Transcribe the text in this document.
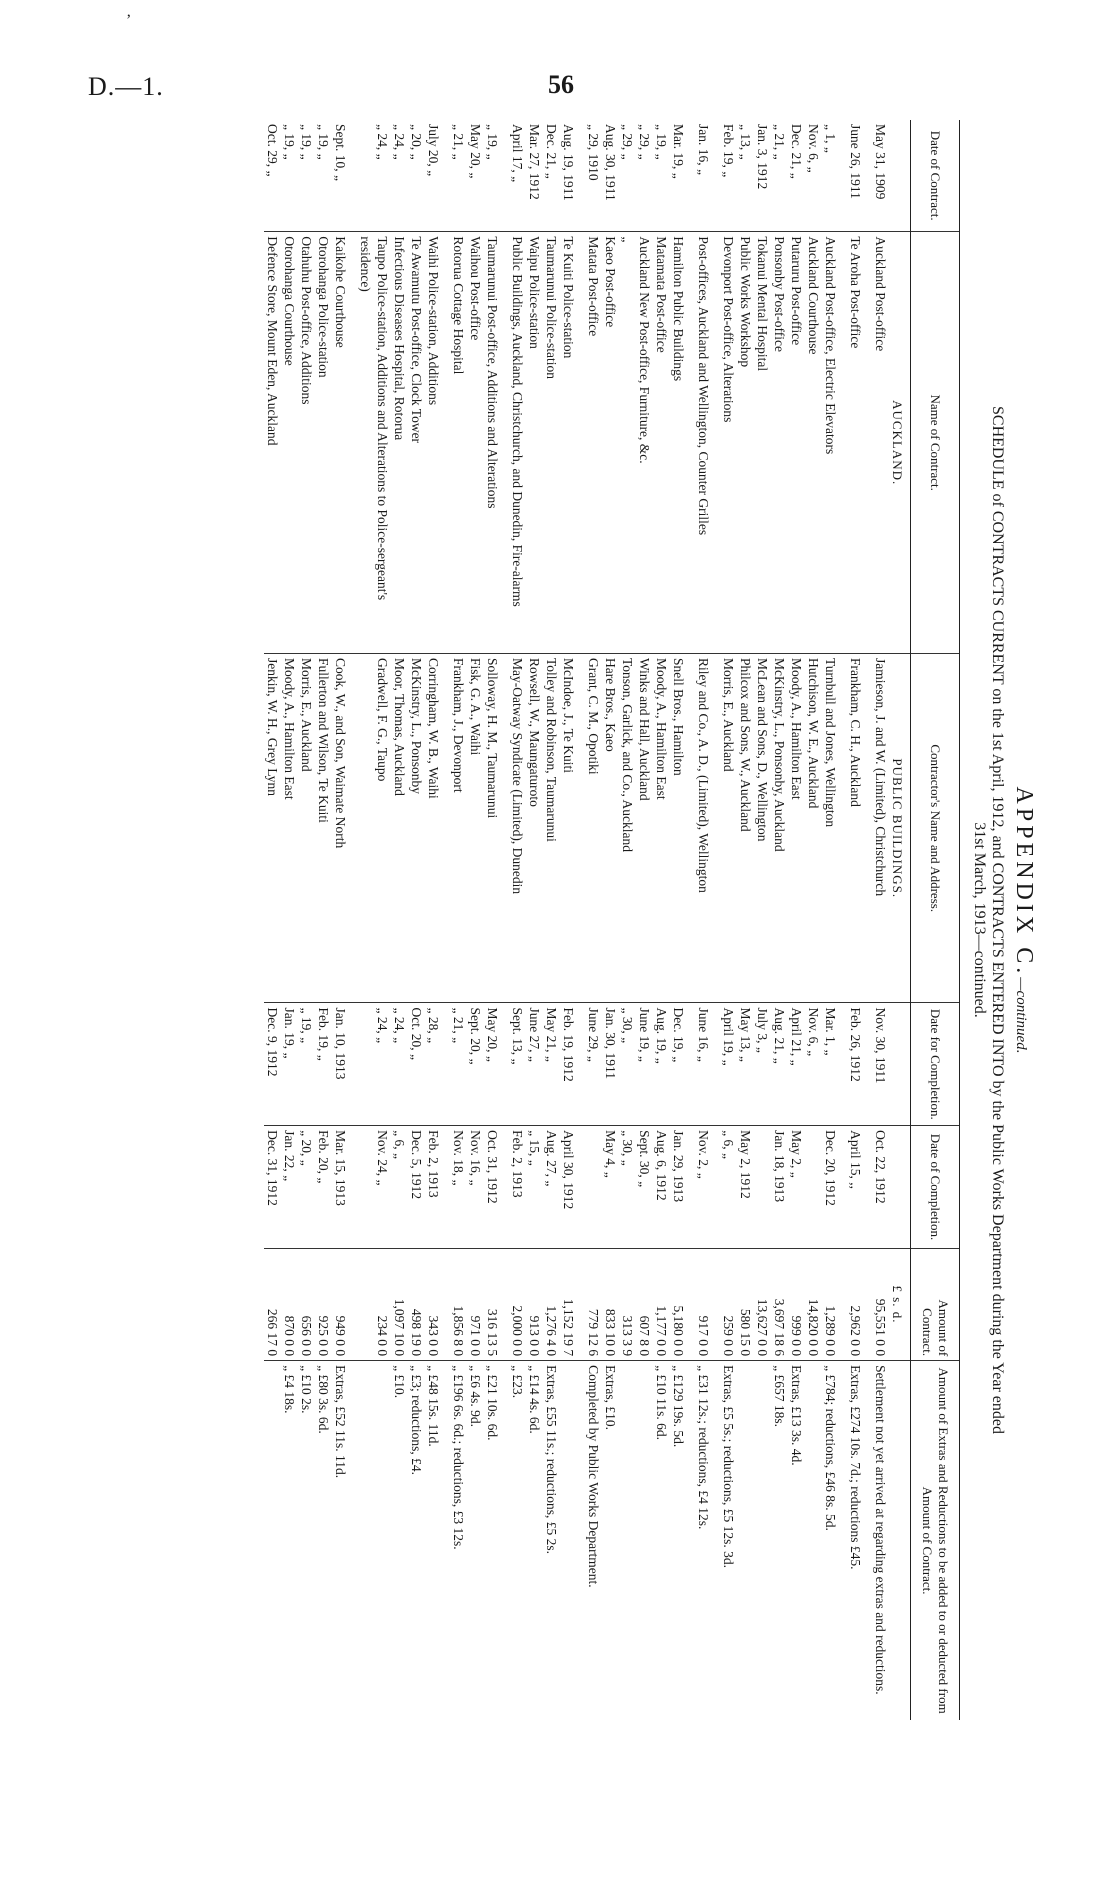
’
D.—1.	56

APPENDIX C.—continued.

SCHEDULE of CONTRACTS CURRENT on the 1st April, 1912, and CONTRACTS ENTERED INTO by the Public Works Department during the Year ended

31st March, 1913—continued.

Date of Contract.	Name of Contract.	Contractor's Name and Address.	Date for Completion.	Date of Completion.	Amount of Contract.	Amount of Extras and Reductions to be added to or deducted from Amount of Contract.
	AUCKLAND.	PUBLIC BUILDINGS.			£ s. d.	
May 31, 1909	Auckland Post-office	Jamieson, J. and W. (Limited), Christchurch	Nov. 30, 1911	Oct. 22, 1912	95,551 0 0	Settlement not yet arrived at regarding extras and reductions.

June 26, 1911	Te Aroha Post-office	Frankham, C. H., Auckland	Feb. 26, 1912	April 15, ,,	2,962 0 0	Extras, £274 10s. 7d.; reductions £45.

„ 1, „	Auckland Post-office, Electric Elevators	Turnbull and Jones, Wellington	Mar. 1, „	Dec. 20, 1912	1,289 0 0	„ £784; reductions, £46 8s. 5d.
Nov. 6, „	Auckland Courthouse	Hutchison, W. E., Auckland	Nov. 6, „		14,820 0 0	
Dec. 21, „	Putaruru Post-office	Moody, A., Hamilton East	April 21, „	May 2, „	999 0 0	Extras, £13 3s. 4d.
„ 21, „	Ponsonby Post-office	McKinstry, L., Ponsonby, Auckland	Aug. 21, „	Jan. 18, 1913	3,697 18 6	„ £657 18s.
Jan. 3, 1912	Tokanui Mental Hospital	McLean and Sons, D., Wellington	July 3, „		13,627 0 0	
„ 13, „	Public Works Workshop	Philcox and Sons, W., Auckland	May 13, „	May 2, 1912	580 15 0	
Feb. 19, „	Devonport Post-office, Alterations	Morris, E., Auckland	April 19, „	„ 6, „	259 0 0	Extras, £5 5s.; reductions, £5 12s. 3d.

Jan. 16, „	Post-offices, Auckland and Wellington, Counter Grilles	Riley and Co., A. D., (Limited), Wellington	June 16, „	Nov. 2, „	917 0 0	„ £31 12s.; reductions, £4 12s.

Mar. 19, „	Hamilton Public Buildings	Snell Bros., Hamilton	Dec. 19, „	Jan. 29, 1913	5,180 0 0	„ £129 19s. 5d.
„ 19, „	Matamata Post-office	Moody, A., Hamilton East	Aug. 19, „	Aug. 6, 1912	1,177 0 0	„ £10 11s. 6d.
„ 29, „	Auckland New Post-office, Furniture, &c.	Winks and Hall, Auckland	June 19, „	Sept. 30, „	607 8 0	
„ 29, „	„	Tonson, Garlick, and Co., Auckland	„ 30, „	„ 30, „	313 3 9	
Aug. 30, 1911	Kaeo Post-office	Hare Bros., Kaeo	Jan. 30, 1911	May 4, „	833 10 0	Extras, £10.
„ 29, 1910	Matata Post-office	Grant, C. M., Opotiki	June 29, „		779 12 6	Completed by Public Works Department.

Aug. 19, 1911	Te Kuiti Police-station	McIndoe, J., Te Kuiti	Feb. 19, 1912	April 30, 1912	1,152 19 7	
Dec. 21, „	Taumarunui Police-station	Tolley and Robinson, Taumarunui	May 21, „	Aug. 27, „	1,276 4 0	Extras, £55 11s.; reductions, £5 2s.
Mar. 27, 1912	Waipu Police-station	Rowsell, W., Maungaturoto	June 27, „	„ 15, „	913 0 0	„ £14 4s. 6d.
April 17, „	Public Buildings, Auckland, Christchurch, and Dunedin, Fire-alarms	May-Oatway Syndicate (Limited), Dunedin	Sept. 13, „	Feb. 2, 1913	2,000 0 0	„ £23.

„ 19, „	Taumarunui Post-office, Additions and Alterations	Solloway, H. M., Taumarunui	May 20, „	Oct. 31, 1912	316 13 5	„ £21 10s. 6d.
May 20, „	Waihou Post-office	Fisk, G. A., Waihi	Sept. 20, „	Nov. 16, „	971 0 0	„ £6 4s. 9d.
„ 21, „	Rotorua Cottage Hospital	Frankham, J., Devonport	„ 21, „	Nov. 18, „	1,856 8 0	„ £196 6s. 6d.; reductions, £3 12s.

July 20, „	Waihi Police-station, Additions	Corringham, W. B., Waihi	„ 28, „	Feb. 2, 1913	343 0 0	„ £48 15s. 11d.
„ 20, „	Te Awamutu Post-office, Clock Tower	McKinstry, L., Ponsonby	Oct. 20, „	Dec. 5, 1912	498 19 0	„ £3; reductions, £4.
„ 24, „	Infectious Diseases Hospital, Rotorua	Moor, Thomas, Auckland	„ 24, „	„ 6, „	1,097 10 0	„ £10.
„ 24, „	Taupo Police-station, Additions and Alterations to Police-sergeant's residence)	Gradwell, F. G., Taupo	„ 24, „	Nov. 24, „	234 0 0	

Sept. 10, „	Kaikohe Courthouse	Cook, W., and Son, Waimate North	Jan. 10, 1913	Mar. 15, 1913	949 0 0	Extras, £52 11s. 11d.
„ 19, „	Otorohanga Police-station	Fullerton and Wilson, Te Kuiti	Feb. 19, „	Feb. 20, „	925 0 0	„ £80 3s. 6d.
„ 19, „	Otahuhu Post-office, Additions	Morris, E., Auckland	„ 19, „	„ 20, „	656 0 0	„ £10 2s.
„ 19, „	Otorohanga Courthouse	Moody, A., Hamilton East	Jan. 19, „	Jan. 22, „	870 0 0	„ £4 18s.
Oct. 29, „	Defence Store, Mount Eden, Auckland	Jenkin, W. H., Grey Lynn	Dec. 9, 1912	Dec. 31, 1912	266 17 0	
